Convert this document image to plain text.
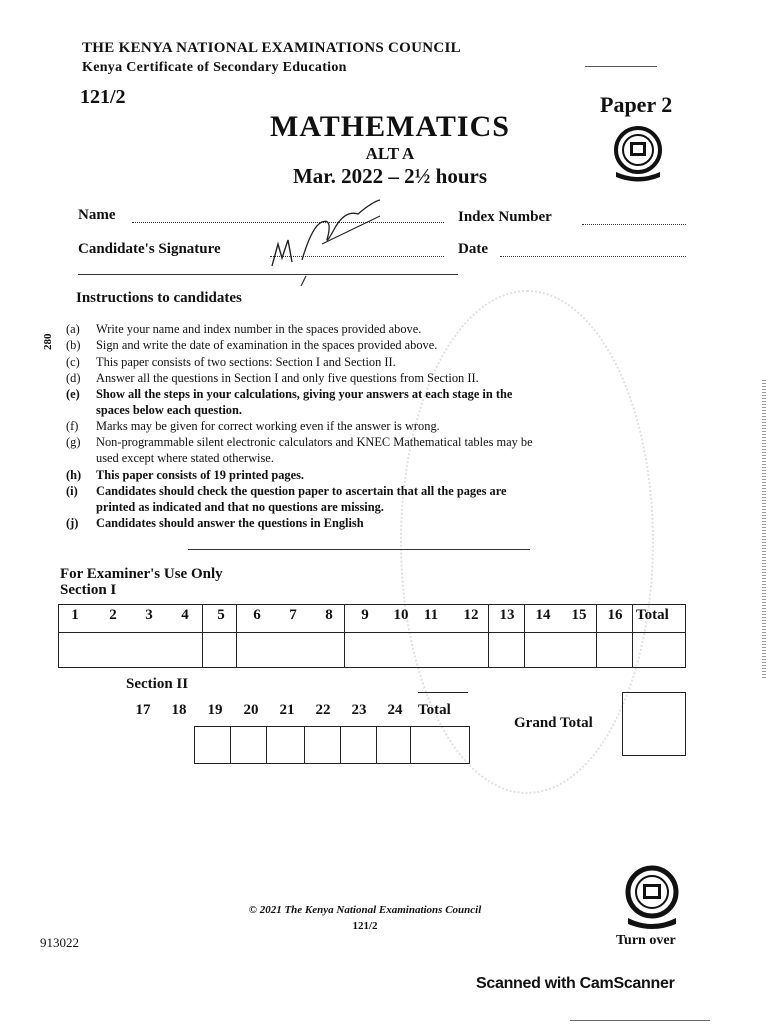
THE KENYA NATIONAL EXAMINATIONS COUNCIL
Kenya Certificate of Secondary Education
121/2	Paper 2
MATHEMATICS
ALT A
Mar. 2022 – 2½ hours
Name	Index Number
Candidate's Signature	Date
Instructions to candidates
280
(a) Write your name and index number in the spaces provided above.
(b) Sign and write the date of examination in the spaces provided above.
(c) This paper consists of two sections: Section I and Section II.
(d) Answer all the questions in Section I and only five questions from Section II.
(e) Show all the steps in your calculations, giving your answers at each stage in the
spaces below each question.
(f) Marks may be given for correct working even if the answer is wrong.
(g) Non-programmable silent electronic calculators and KNEC Mathematical tables may be
used except where stated otherwise.
(h) This paper consists of 19 printed pages.
(i) Candidates should check the question paper to ascertain that all the pages are
printed as indicated and that no questions are missing.
(j) Candidates should answer the questions in English
For Examiner's Use Only
Section I
1	2	3	4	5	6	7	8	9	10	11	12	13	14	15	16 Total
Section II
17	18	19	20	21	22	23	24	Total
Grand Total
© 2021 The Kenya National Examinations Council
121/2
913022	Turn over
Scanned with CamScanner
